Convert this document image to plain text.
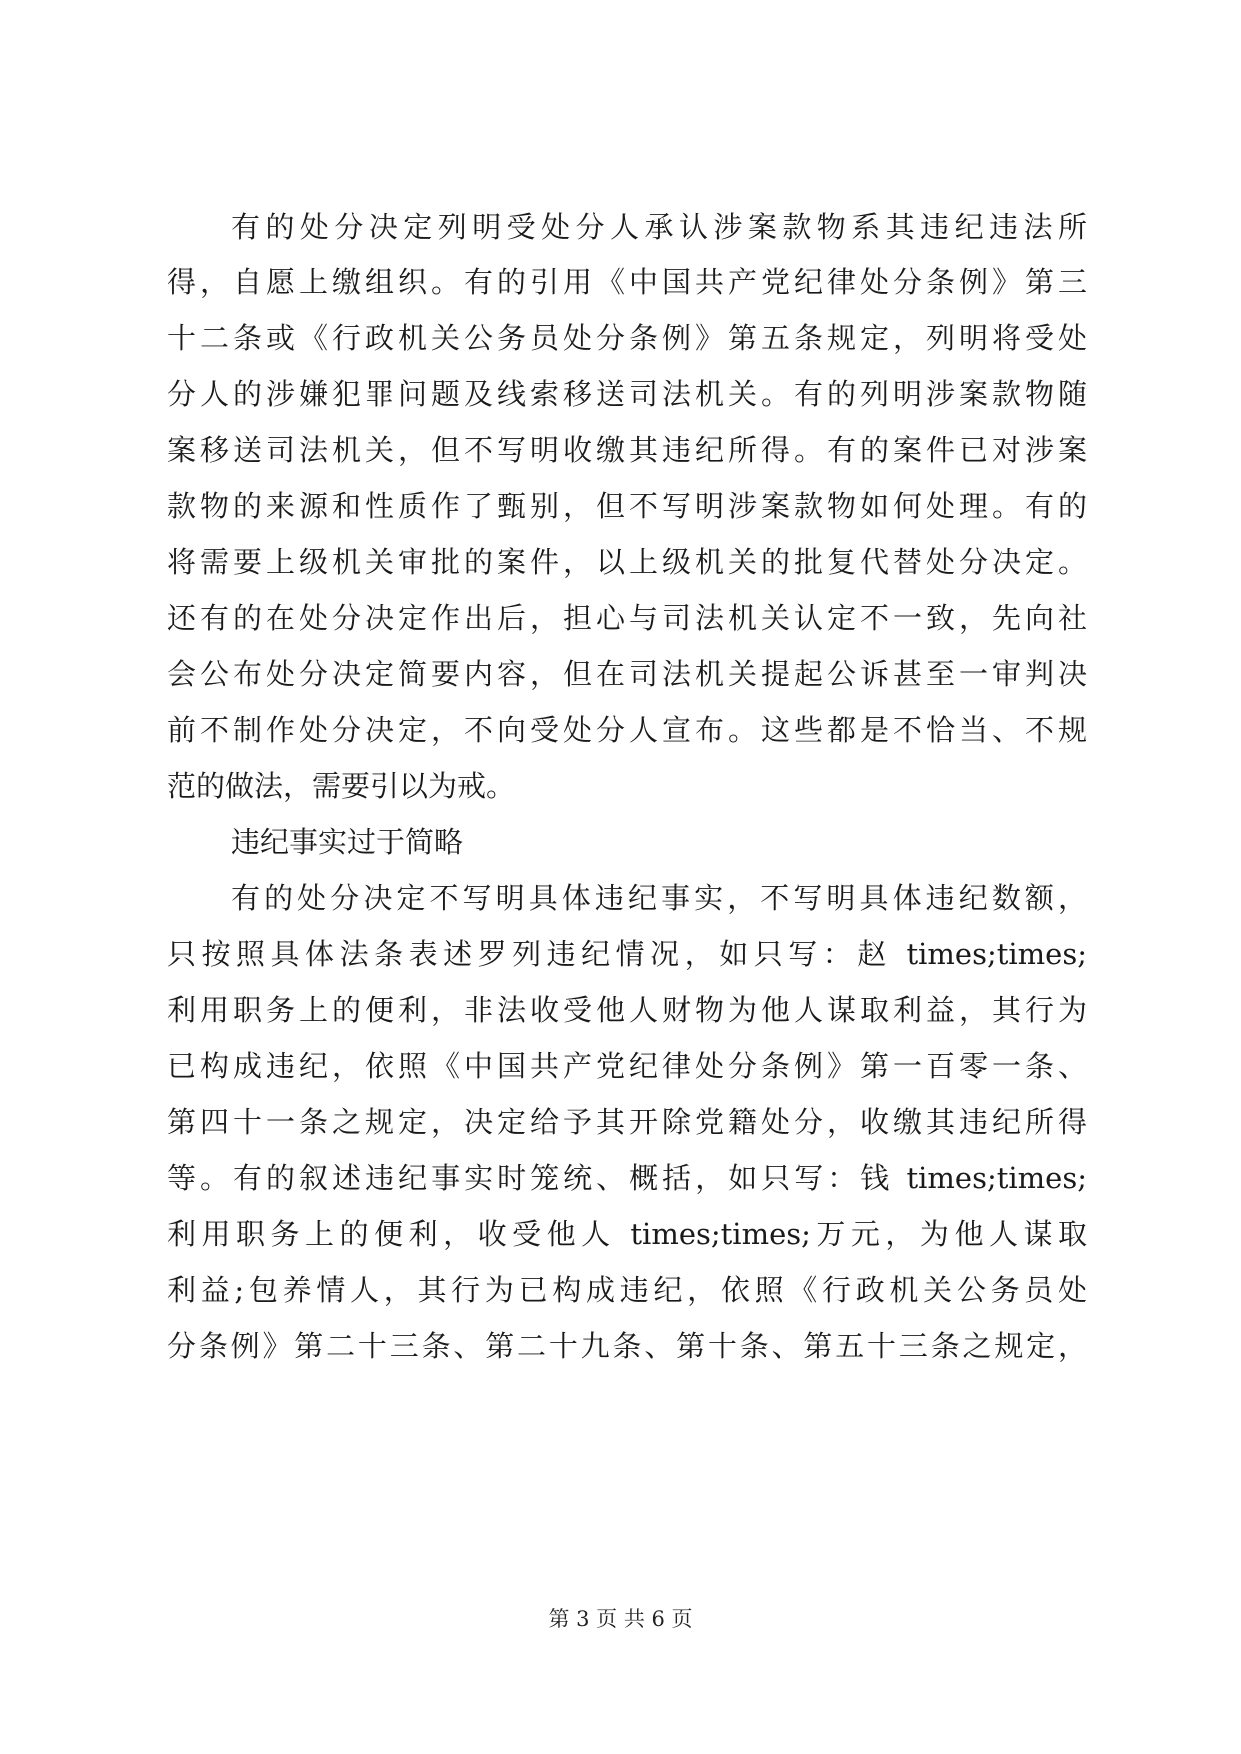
有的处分决定列明受处分人承认涉案款物系其违纪违法所
得，自愿上缴组织。有的引用《中国共产党纪律处分条例》第三
十二条或《行政机关公务员处分条例》第五条规定，列明将受处
分人的涉嫌犯罪问题及线索移送司法机关。有的列明涉案款物随
案移送司法机关，但不写明收缴其违纪所得。有的案件已对涉案
款物的来源和性质作了甄别，但不写明涉案款物如何处理。有的
将需要上级机关审批的案件，以上级机关的批复代替处分决定。
还有的在处分决定作出后，担心与司法机关认定不一致，先向社
会公布处分决定简要内容，但在司法机关提起公诉甚至一审判决
前不制作处分决定，不向受处分人宣布。这些都是不恰当、不规
范的做法，需要引以为戒。
违纪事实过于简略
有的处分决定不写明具体违纪事实，不写明具体违纪数额，
只按照具体法条表述罗列违纪情况，如只写：赵 times;times;
利用职务上的便利，非法收受他人财物为他人谋取利益，其行为
已构成违纪，依照《中国共产党纪律处分条例》第一百零一条、
第四十一条之规定，决定给予其开除党籍处分，收缴其违纪所得
等。有的叙述违纪事实时笼统、概括，如只写：钱 times;times;
利用职务上的便利，收受他人 times;times;万元，为他人谋取
利益;包养情人，其行为已构成违纪，依照《行政机关公务员处
分条例》第二十三条、第二十九条、第十条、第五十三条之规定，
第 3 页 共 6 页
